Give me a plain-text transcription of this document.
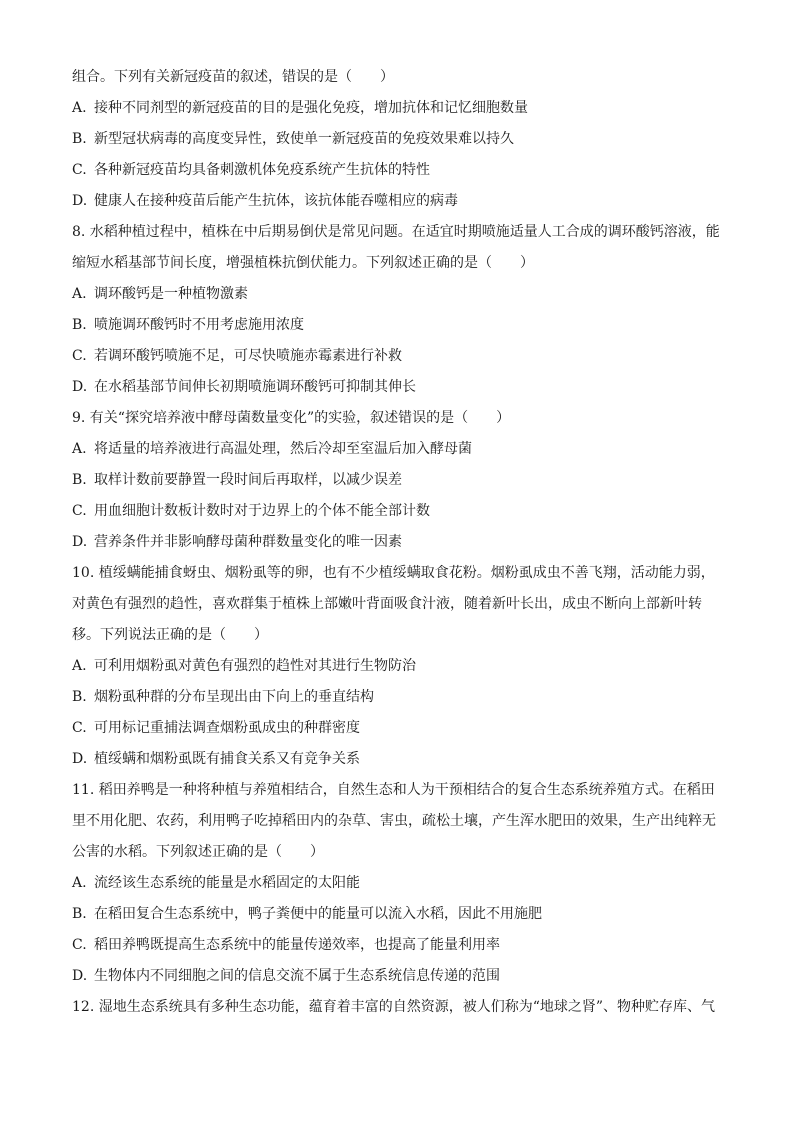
组合。下列有关新冠疫苗的叙述，错误的是（　　）
A. 接种不同剂型的新冠疫苗的目的是强化免疫，增加抗体和记忆细胞数量
B. 新型冠状病毒的高度变异性，致使单一新冠疫苗的免疫效果难以持久
C. 各种新冠疫苗均具备刺激机体免疫系统产生抗体的特性
D. 健康人在接种疫苗后能产生抗体，该抗体能吞噬相应的病毒
8. 水稻种植过程中，植株在中后期易倒伏是常见问题。在适宜时期喷施适量人工合成的调环酸钙溶液，能
缩短水稻基部节间长度，增强植株抗倒伏能力。下列叙述正确的是（　　）
A. 调环酸钙是一种植物激素
B. 喷施调环酸钙时不用考虑施用浓度
C. 若调环酸钙喷施不足，可尽快喷施赤霉素进行补救
D. 在水稻基部节间伸长初期喷施调环酸钙可抑制其伸长
9. 有关“探究培养液中酵母菌数量变化”的实验，叙述错误的是（　　）
A. 将适量的培养液进行高温处理，然后冷却至室温后加入酵母菌
B. 取样计数前要静置一段时间后再取样，以减少误差
C. 用血细胞计数板计数时对于边界上的个体不能全部计数
D. 营养条件并非影响酵母菌种群数量变化的唯一因素
10. 植绥螨能捕食蚜虫、烟粉虱等的卵，也有不少植绥螨取食花粉。烟粉虱成虫不善飞翔，活动能力弱，
对黄色有强烈的趋性，喜欢群集于植株上部嫩叶背面吸食汁液，随着新叶长出，成虫不断向上部新叶转
移。下列说法正确的是（　　）
A. 可利用烟粉虱对黄色有强烈的趋性对其进行生物防治
B. 烟粉虱种群的分布呈现出由下向上的垂直结构
C. 可用标记重捕法调查烟粉虱成虫的种群密度
D. 植绥螨和烟粉虱既有捕食关系又有竞争关系
11. 稻田养鸭是一种将种植与养殖相结合，自然生态和人为干预相结合的复合生态系统养殖方式。在稻田
里不用化肥、农药，利用鸭子吃掉稻田内的杂草、害虫，疏松土壤，产生浑水肥田的效果，生产出纯粹无
公害的水稻。下列叙述正确的是（　　）
A. 流经该生态系统的能量是水稻固定的太阳能
B. 在稻田复合生态系统中，鸭子粪便中的能量可以流入水稻，因此不用施肥
C. 稻田养鸭既提高生态系统中的能量传递效率，也提高了能量利用率
D. 生物体内不同细胞之间的信息交流不属于生态系统信息传递的范围
12. 湿地生态系统具有多种生态功能，蕴育着丰富的自然资源，被人们称为“地球之肾”、物种贮存库、气
